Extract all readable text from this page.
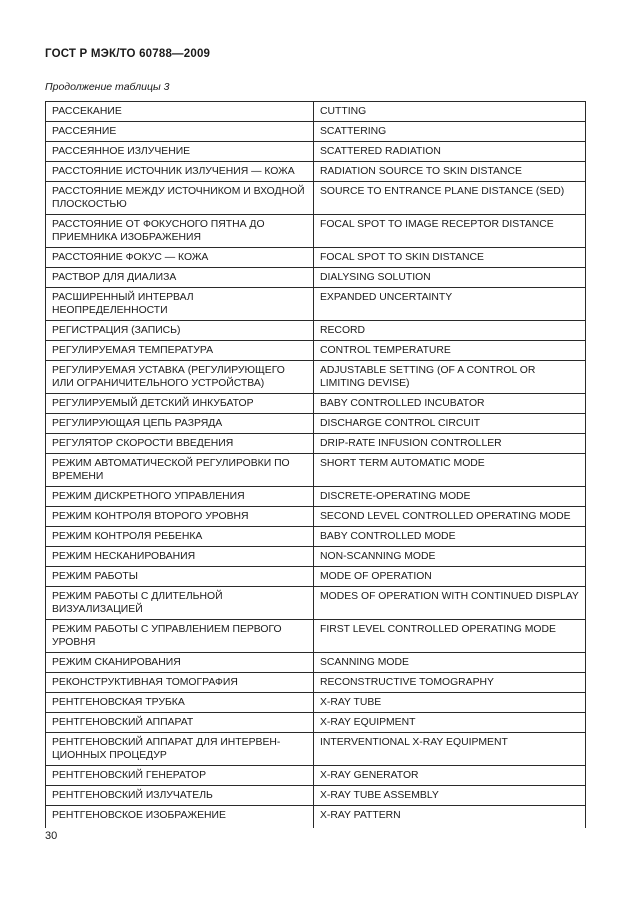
ГОСТ Р МЭК/ТО 60788—2009
Продолжение таблицы 3
РАССЕКАНИЕ	CUTTING
РАССЕЯНИЕ	SCATTERING
РАССЕЯННОЕ ИЗЛУЧЕНИЕ	SCATTERED RADIATION
РАССТОЯНИЕ ИСТОЧНИК ИЗЛУЧЕНИЯ — КОЖА	RADIATION SOURCE TO SKIN DISTANCE
РАССТОЯНИЕ МЕЖДУ ИСТОЧНИКОМ И ВХОДНОЙ ПЛОСКОСТЬЮ	SOURCE TO ENTRANCE PLANE DISTANCE (SED)
РАССТОЯНИЕ ОТ ФОКУСНОГО ПЯТНА ДО ПРИЕМНИКА ИЗОБРАЖЕНИЯ	FOCAL SPOT TO IMAGE RECEPTOR DISTANCE
РАССТОЯНИЕ ФОКУС — КОЖА	FOCAL SPOT TO SKIN DISTANCE
РАСТВОР ДЛЯ ДИАЛИЗА	DIALYSING SOLUTION
РАСШИРЕННЫЙ ИНТЕРВАЛ НЕОПРЕДЕЛЕННОСТИ	EXPANDED UNCERTAINTY
РЕГИСТРАЦИЯ (ЗАПИСЬ)	RECORD
РЕГУЛИРУЕМАЯ ТЕМПЕРАТУРА	CONTROL TEMPERATURE
РЕГУЛИРУЕМАЯ УСТАВКА (РЕГУЛИРУЮЩЕГО ИЛИ ОГРАНИЧИТЕЛЬНОГО УСТРОЙСТВА)	ADJUSTABLE SETTING (OF A CONTROL OR LIMITING DEVISE)
РЕГУЛИРУЕМЫЙ ДЕТСКИЙ ИНКУБАТОР	BABY CONTROLLED INCUBATOR
РЕГУЛИРУЮЩАЯ ЦЕПЬ РАЗРЯДА	DISCHARGE CONTROL CIRCUIT
РЕГУЛЯТОР СКОРОСТИ ВВЕДЕНИЯ	DRIP-RATE INFUSION CONTROLLER
РЕЖИМ АВТОМАТИЧЕСКОЙ РЕГУЛИРОВКИ ПО ВРЕМЕНИ	SHORT TERM AUTOMATIC MODE
РЕЖИМ ДИСКРЕТНОГО УПРАВЛЕНИЯ	DISCRETE-OPERATING MODE
РЕЖИМ КОНТРОЛЯ ВТОРОГО УРОВНЯ	SECOND LEVEL CONTROLLED OPERATING MODE
РЕЖИМ КОНТРОЛЯ РЕБЕНКА	BABY CONTROLLED MODE
РЕЖИМ НЕСКАНИРОВАНИЯ	NON-SCANNING MODE
РЕЖИМ РАБОТЫ	MODE OF OPERATION
РЕЖИМ РАБОТЫ С ДЛИТЕЛЬНОЙ ВИЗУАЛИЗАЦИЕЙ	MODES OF OPERATION WITH CONTINUED DISPLAY
РЕЖИМ РАБОТЫ С УПРАВЛЕНИЕМ ПЕРВОГО УРОВНЯ	FIRST LEVEL CONTROLLED OPERATING MODE
РЕЖИМ СКАНИРОВАНИЯ	SCANNING MODE
РЕКОНСТРУКТИВНАЯ ТОМОГРАФИЯ	RECONSTRUCTIVE TOMOGRAPHY
РЕНТГЕНОВСКАЯ ТРУБКА	X-RAY TUBE
РЕНТГЕНОВСКИЙ АППАРАТ	X-RAY EQUIPMENT
РЕНТГЕНОВСКИЙ АППАРАТ ДЛЯ ИНТЕРВЕН-ЦИОННЫХ ПРОЦЕДУР	INTERVENTIONAL X-RAY EQUIPMENT
РЕНТГЕНОВСКИЙ ГЕНЕРАТОР	X-RAY GENERATOR
РЕНТГЕНОВСКИЙ ИЗЛУЧАТЕЛЬ	X-RAY TUBE ASSEMBLY
РЕНТГЕНОВСКОЕ ИЗОБРАЖЕНИЕ	X-RAY PATTERN
30
